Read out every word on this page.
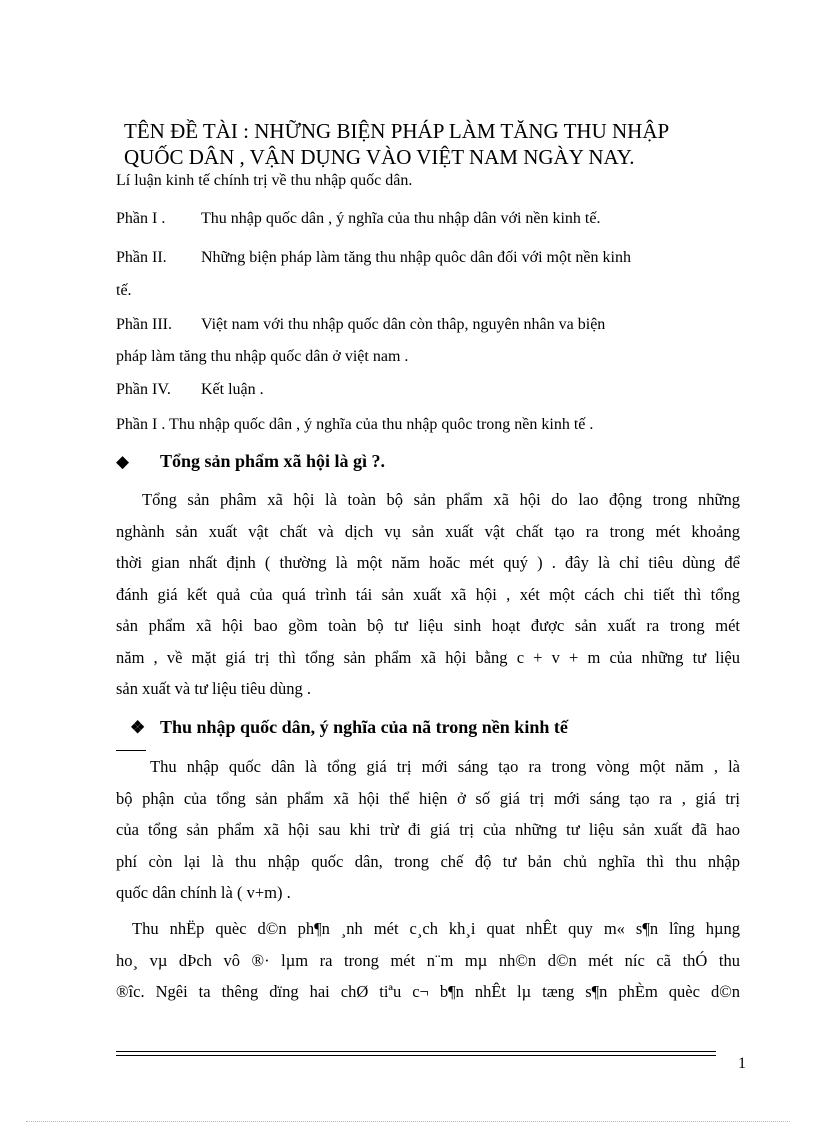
TÊN ĐỀ TÀI : NHỮNG BIỆN PHÁP LÀM TĂNG THU NHẬP

QUỐC DÂN , VẬN DỤNG VÀO VIỆT NAM NGÀY NAY.
Lí luận kinh tế chính trị về thu nhập quốc dân.
Phần I . Thu nhập quốc dân , ý nghĩa của thu nhập dân với nền kinh tế.
Phần II. Những biện pháp làm tăng thu nhập quôc dân đối với một nền kinh
tế.
Phần III. Việt nam với thu nhập quốc dân còn thâp, nguyên nhân va biện
pháp làm tăng thu nhập quốc dân ở việt nam .
Phần IV. Kết luận .
Phần I . Thu nhập quốc dân , ý nghĩa của thu nhập quôc trong nền kinh tế .
◆ Tổng sản phẩm xã hội là gì ?.
Tổng sản phâm xã hội là toàn bộ sản phẩm xã hội do lao động trong những
nghành sản xuất vật chất và dịch vụ sản xuất vật chất tạo ra trong mét khoảng
thời gian nhất định ( thường là một năm hoăc mét quý ) . đây là chỉ tiêu dùng để
đánh giá kết quả của quá trình tái sản xuất xã hội , xét một cách chi tiết thì tổng
sản phẩm xã hội bao gồm toàn bộ tư liệu sinh hoạt được sản xuất ra trong mét
năm , về mặt giá trị thì tổng sản phẩm xã hội bằng c + v + m của những tư liệu
sản xuất và tư liệu tiêu dùng .
❖ Thu nhập quốc dân, ý nghĩa của nã trong nền kinh tế
Thu nhập quốc dân là tổng giá trị mới sáng tạo ra trong vòng một năm , là
bộ phận của tổng sản phẩm xã hội thể hiện ở số giá trị mới sáng tạo ra , giá trị
của tổng sản phẩm xã hội sau khi trừ đi giá trị của những tư liệu sản xuất đã hao
phí còn lại là thu nhập quốc dân, trong chế độ tư bản chủ nghĩa thì thu nhập
quốc dân chính là ( v+m) .
Thu nhËp quèc d©n ph¶n ¸nh mét c¸ch kh¸i quat nhÊt quy m« s¶n lîng hµng
ho¸ vµ dÞch vô ®· lµm ra trong mét n¨m mµ nh©n d©n mét níc cã thÓ thu
®îc. Ngêi ta thêng dïng hai chØ tiªu c¬ b¶n nhÊt lµ tæng s¶n phÈm quèc d©n
1
